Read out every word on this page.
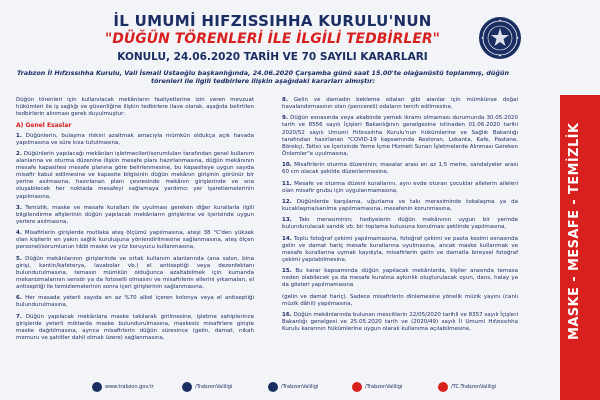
İL UMUMİ HIFZISSIHHA KURULU'NUN
"DÜĞÜN TÖRENLERİ İLE İLGİLİ TEDBİRLER"
KONULU, 24.06.2020 TARİH VE 70 SAYILI KARARLARI
Trabzon İl Hıfzıssıhha Kurulu, Vali İsmail Ustaoğlu başkanlığında, 24.06.2020 Çarşamba günü saat 15.00'te olağanüstü toplanmış, düğün törenleri ile ilgili tedbirlere ilişkin aşağıdaki kararları almıştır:

Düğün törenleri için kullanılacak mekânların faaliyetlerine izin veren mevzuat hükümleri ile iş sağlığı ve güvenliğine ilişkin tedbirlere ilave olarak, aşağıda belirtilen tedbirlerin alınması gerek duyulmuştur:

A) Genel Esaslar

1. Düğünlerin, bulaşma riskini azaltmak amacıyla mümkün oldukça açık havada yapılmasına ve süre kısa tutulmasına,

2. Düğünlerin yapılacağı mekânları işletmecileri/sorumluları tarafından genel kullanım alanlarına ve oturma düzenine ilişkin mesafe planı hazırlanmasına, düğün mekânının mesafe kapasitesi mesafe planına göre belirlenmesine, bu kapasiteye uygun sayıda misafir kabul edilmesine ve kapasite bilgisinin düğün mekânın girişinin görünür bir yerine asılmasına, hazırlanan planı çevresinde mekânın girişlerinde ve sıra oluşabilecek her noktada mesafeyi sağlamaya yardımcı yer işaretlemelerinin yapılmasına,

3. Temizlik, maske ve mesafe kuralları ile uyulması gereken diğer kurallarla ilgili bilgilendirme afişlerinin düğün yapılacak mekânların girişlerine ve içerisinde uygun yerlere asılmasına,

4. Misafirlerin girişlerde mutlaka ateş ölçümü yapılmasına, ateşi 38 °C'den yüksek olan kişilerin en yakın sağlık kuruluşuna yönlendirilmesine sağlanmasına, ateş ölçen personel/sorumlunun tıbbi maske ve yüz koruyucu kullanmasına,

5. Düğün mekânlarının girişlerinde ve ortak kullanım alanlarında (ana salon, bina girişi, kantin/kafeterya, lavabolar vb.) el antiseptiği veya dezenfektanı bulundurulmasına, temasın mümkün olduğunca azaltabilmek için kumanda mekanizmalarının sensör ya da fotoselli olmasını ve misafirlerin ellerini yıkamaları, el antiseptiği ile temizlemelerinin sonra içeri girişlerinin sağlanmasına,

6. Her masada yeterli sayıda en az %70 alkol içeren kolonya veya el antiseptiği bulundurulmasına,

7. Düğün yapılacak mekânlara maske takılarak girilmesine, işletme sahiplerince girişlerde yeterli miktarda maske bulundurulmasına, maskesiz misafirlere girişte maske dağıtılmasına, ayrıca misafirlerin düğün süresince (gelin, damat, nikah memuru ve şahitler dahil olmak üzere) sağlanmasına,

8. Gelin ve damadın bekleme odaları gibi alanlar için mümkünse doğal havalandırmasının olan (pencereli) odaların tercih edilmesine,

9. Düğün esnasında veya akabinde yemek ikramı olmaması durumunda 30.05.2020 tarih ve 8556 sayılı İçişleri Bakanlığının genelgesine istinaden 01.06.2020 tarihi 2020/52 sayılı Umumi Hıfzıssıhha Kurulu'nun hükümlerine ve Sağlık Bakanlığı tarafından hazırlanan "COVID-19 kapsamında Restoran, Lokanta, Kafe, Pastane, Börekçi, Tatlıcı ve İçerisinde Yeme İçme Hizmeti Sunan İşletmelerde Alınması Gereken Önlemler"e uyulmasına,

10. Misafirlerin oturma düzeninin; masalar arası en az 1,5 metre, sandalyeler arası 60 cm olacak şekilde düzenlenmesine,

11. Mesafe ve oturma düzeni kurallarını, aynı evde oturan çocuklar ailelerin aileleri olan misafir grubu için uygulanmamasına,

12. Düğünlerde karşılama, uğurlama ve takı merasiminde tokalaşma ya da kucaklaşma/sarılma yapılmamasına, mesafenin korunmasına,

13. Takı merasiminin; hediyelerin düğün mekânının uygun bir yerinde bulundurulacak sandık vb. bir toplama kutusuna konulması şeklinde yapılmasına,

14. Toplu fotoğraf çekimi yapılmamasına, fotoğraf çekimi ve pasta kesimi esnasında gelin ve damat hariç mesafe kurallarına uyulmasına, ancak maske kullanmak ve mesafe kurallarına uymak kaydıyla, misafirlerin gelin ve damatla bireysel fotoğraf çekimi yapılabilmesine,

15. Bu karar kapsamında düğün yapılacak mekânlarda, kişiler arasında temasa neden olabilecek ya da mesafe kuralına aykırılık oluşturulacak oyun, dans, halay ya da gösteri yapılmamasına

(gelin ve damat hariç). Sadece misafirlerin dinlemesine yönelik müzik yayını (canlı müzik dâhil) yapılmasına,

16. Düğün mekânlarında bulunan mescitlerin 22/05/2020 tarihli ve 8357 sayılı İçişleri Bakanlığı genelgesi ve 25.05.2020 tarih ve (2020/49) sayılı İl Umumi Hıfzıssıhha Kurulu kararının hükümlerine uygun olarak kullanıma açılabilmesine,	MASKE - MESAFE - TEMİZLİK
www.trabzon.gov.tr	/TrabzonValiligi	/TrabzonValiligi	/TrabzonValiligi	/TC.TrabzonValiligi
